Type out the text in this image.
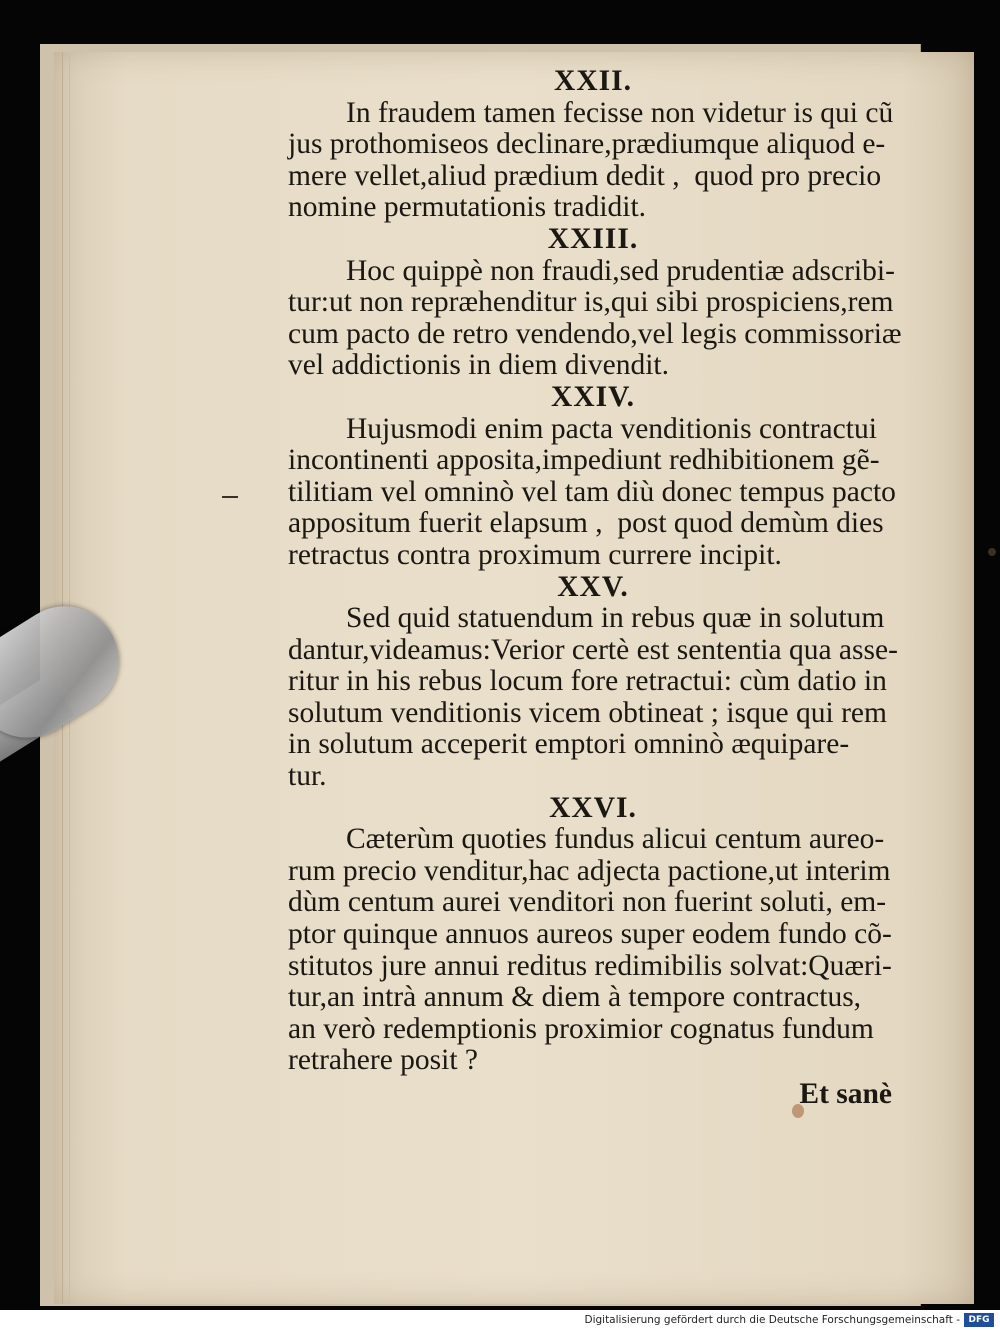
XXII.

In fraudem tamen fecisse non videtur is qui cũ
jus prothomiseos declinare,prædiumque aliquod e-
mere vellet,aliud prædium dedit ,  quod pro precio
nomine permutationis tradidit.

XXIII.

Hoc quippè non fraudi,sed prudentiæ adscribi-
tur:ut non repræhenditur is,qui sibi prospiciens,rem
cum pacto de retro vendendo,vel legis commissoriæ
vel addictionis in diem divendit.

XXIV.

Hujusmodi enim pacta venditionis contractui
incontinenti apposita,impediunt redhibitionem gẽ-
tilitiam vel omninò vel tam diù donec tempus pacto
appositum fuerit elapsum ,  post quod demùm dies
retractus contra proximum currere incipit.

XXV.

Sed quid statuendum in rebus quæ in solutum
dantur,videamus:Verior certè est sententia qua asse-
ritur in his rebus locum fore retractui: cùm datio in
solutum venditionis vicem obtineat ; isque qui rem
in solutum acceperit emptori omninò æquipare-
tur.

XXVI.

Cæterùm quoties fundus alicui centum aureo-
rum precio venditur,hac adjecta pactione,ut interim
dùm centum aurei venditori non fuerint soluti, em-
ptor quinque annuos aureos super eodem fundo cõ-
stitutos jure annui reditus redimibilis solvat:Quæri-
tur,an intrà annum & diem à tempore contractus,
an verò redemptionis proximior cognatus fundum
retrahere posit ?

Et sanè
Digitalisierung gefördert durch die Deutsche Forschungsgemeinschaft - DFG
